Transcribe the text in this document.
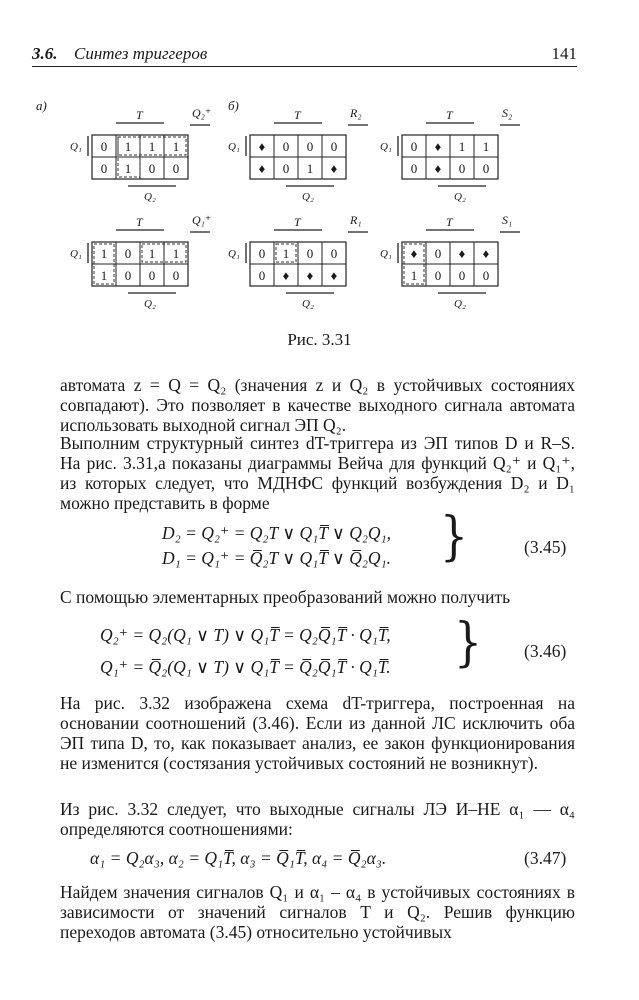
3.6. Синтез триггеров	141
а)	б)
T	Q₂⁺
Q₁ 0 1 1 1
0 1 0 0
Q₂
T	R₂
Q₁ ♦ 0 0 0
♦ 0 1 ♦
Q₂
T	S₂
Q₁ 0 ♦ 1 1
0 ♦ 0 0
Q₂
T	Q₁⁺
Q₁ 1 0 1 1
1 0 0 0
Q₂
T	R₁
Q₁ 0 1 0 0
0 ♦ ♦ ♦
Q₂
T	S₁
Q₁ ♦ 0 ♦ ♦
1 0 0 0
Q₂
Рис. 3.31

автомата z = Q = Q₂ (значения z и Q₂ в устойчивых состояниях совпадают). Это позволяет в качестве выходного сигнала автомата использовать выходной сигнал ЭП Q₂.

Выполним структурный синтез dT-триггера из ЭП типов D и R–S. На рис. 3.31,а показаны диаграммы Вейча для функций Q₂⁺ и Q₁⁺, из которых следует, что МДНФС функций возбуждения D₂ и D₁ можно представить в форме

D₂ = Q₂⁺ = Q₂T ∨ Q₁T̅ ∨ Q₂Q₁,
D₁ = Q₁⁺ = Q̅₂T ∨ Q₁T̅ ∨ Q̅₂Q₁. }	(3.45)

С помощью элементарных преобразований можно получить

Q₂⁺ = Q₂(Q₁ ∨ T) ∨ Q₁T̅ = Q₂Q̅₁T̅ · Q₁T̅,
Q₁⁺ = Q̅₂(Q₁ ∨ T) ∨ Q₁T̅ = Q̅₂Q̅₁T̅ · Q₁T̅. } (3.46)

На рис. 3.32 изображена схема dT-триггера, построенная на основании соотношений (3.46). Если из данной ЛС исключить оба ЭП типа D, то, как показывает анализ, ее закон функционирования не изменится (состязания устойчивых состояний не возникнут).

Из рис. 3.32 следует, что выходные сигналы ЛЭ И–НЕ α₁ — α₄ определяются соотношениями:

α₁ = Q₂α₃, α₂ = Q₁T̅, α₃ = Q̅₁T̅, α₄ = Q̅₂α₃.	(3.47)

Найдем значения сигналов Q₁ и α₁ – α₄ в устойчивых состояниях в зависимости от значений сигналов T и Q₂. Решив функцию переходов автомата (3.45) относительно устойчивых
